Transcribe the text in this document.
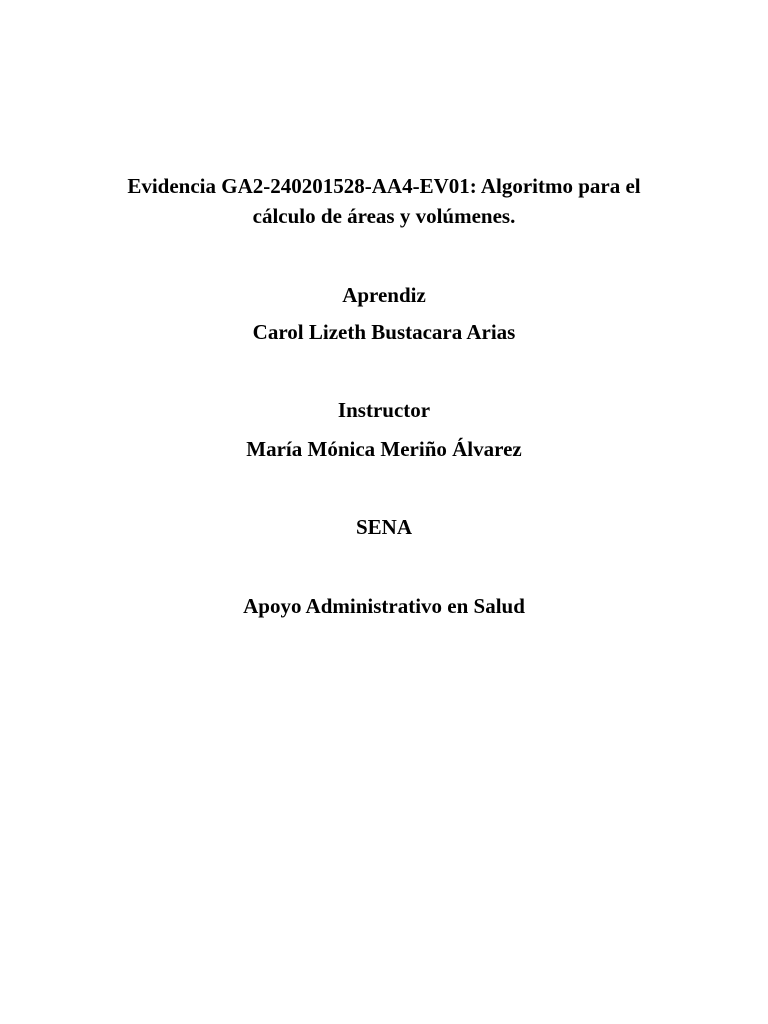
Evidencia GA2-240201528-AA4-EV01: Algoritmo para el
cálculo de áreas y volúmenes.
Aprendiz
Carol Lizeth Bustacara Arias
Instructor
María Mónica Meriño Álvarez
SENA
Apoyo Administrativo en Salud
